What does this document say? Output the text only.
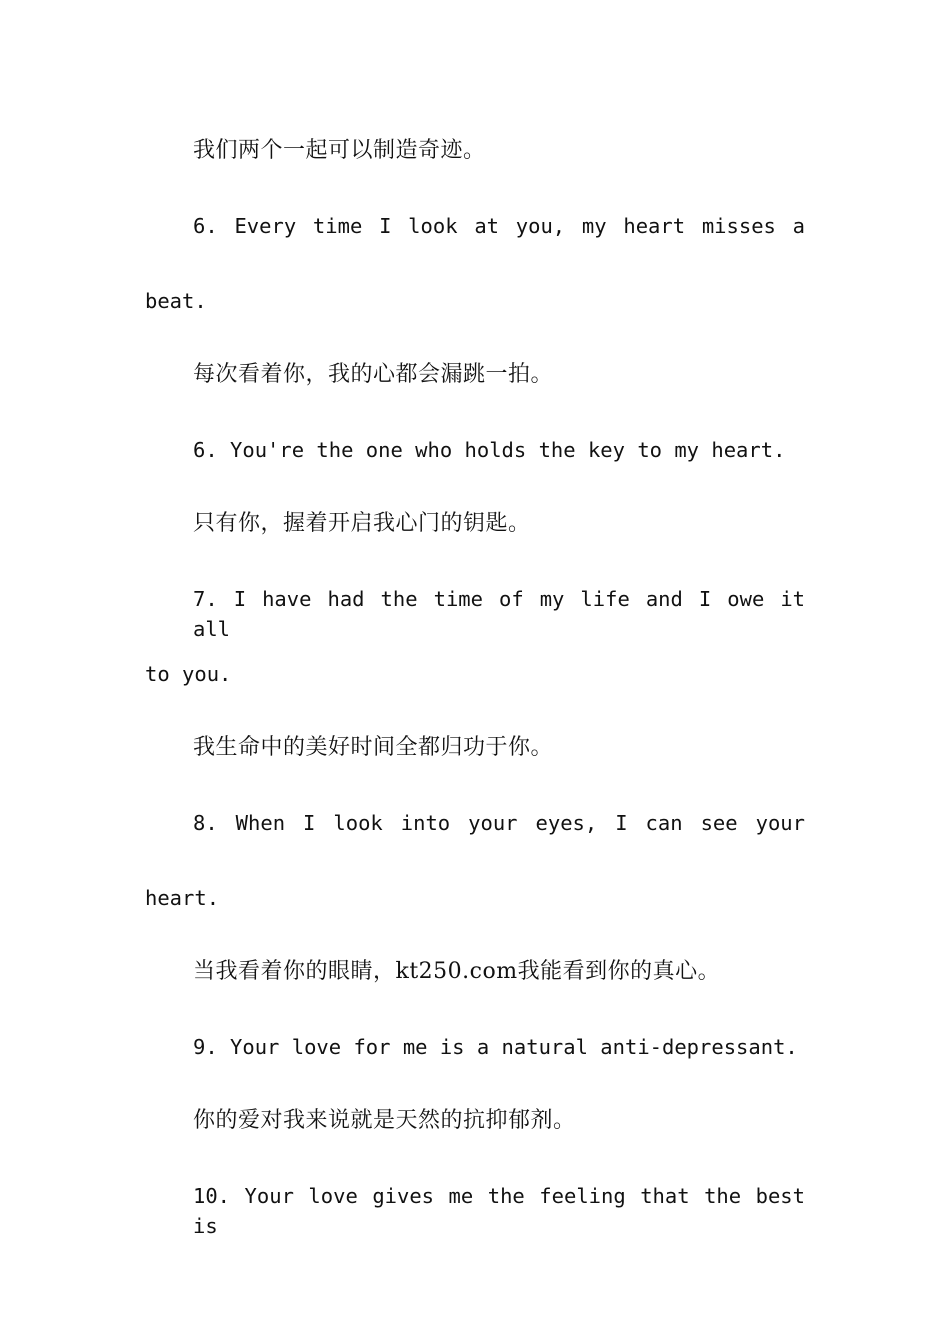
我们两个一起可以制造奇迹。
6. Every time I look at you, my heart misses a
beat.
每次看着你，我的心都会漏跳一拍。
6. You're the one who holds the key to my heart.
只有你，握着开启我心门的钥匙。
7. I have had the time of my life and I owe it all
to you.
我生命中的美好时间全都归功于你。
8. When I look into your eyes, I can see your
heart.
当我看着你的眼睛，kt250.com我能看到你的真心。
9. Your love for me is a natural anti-depressant.
你的爱对我来说就是天然的抗抑郁剂。
10. Your love gives me the feeling that the best is
